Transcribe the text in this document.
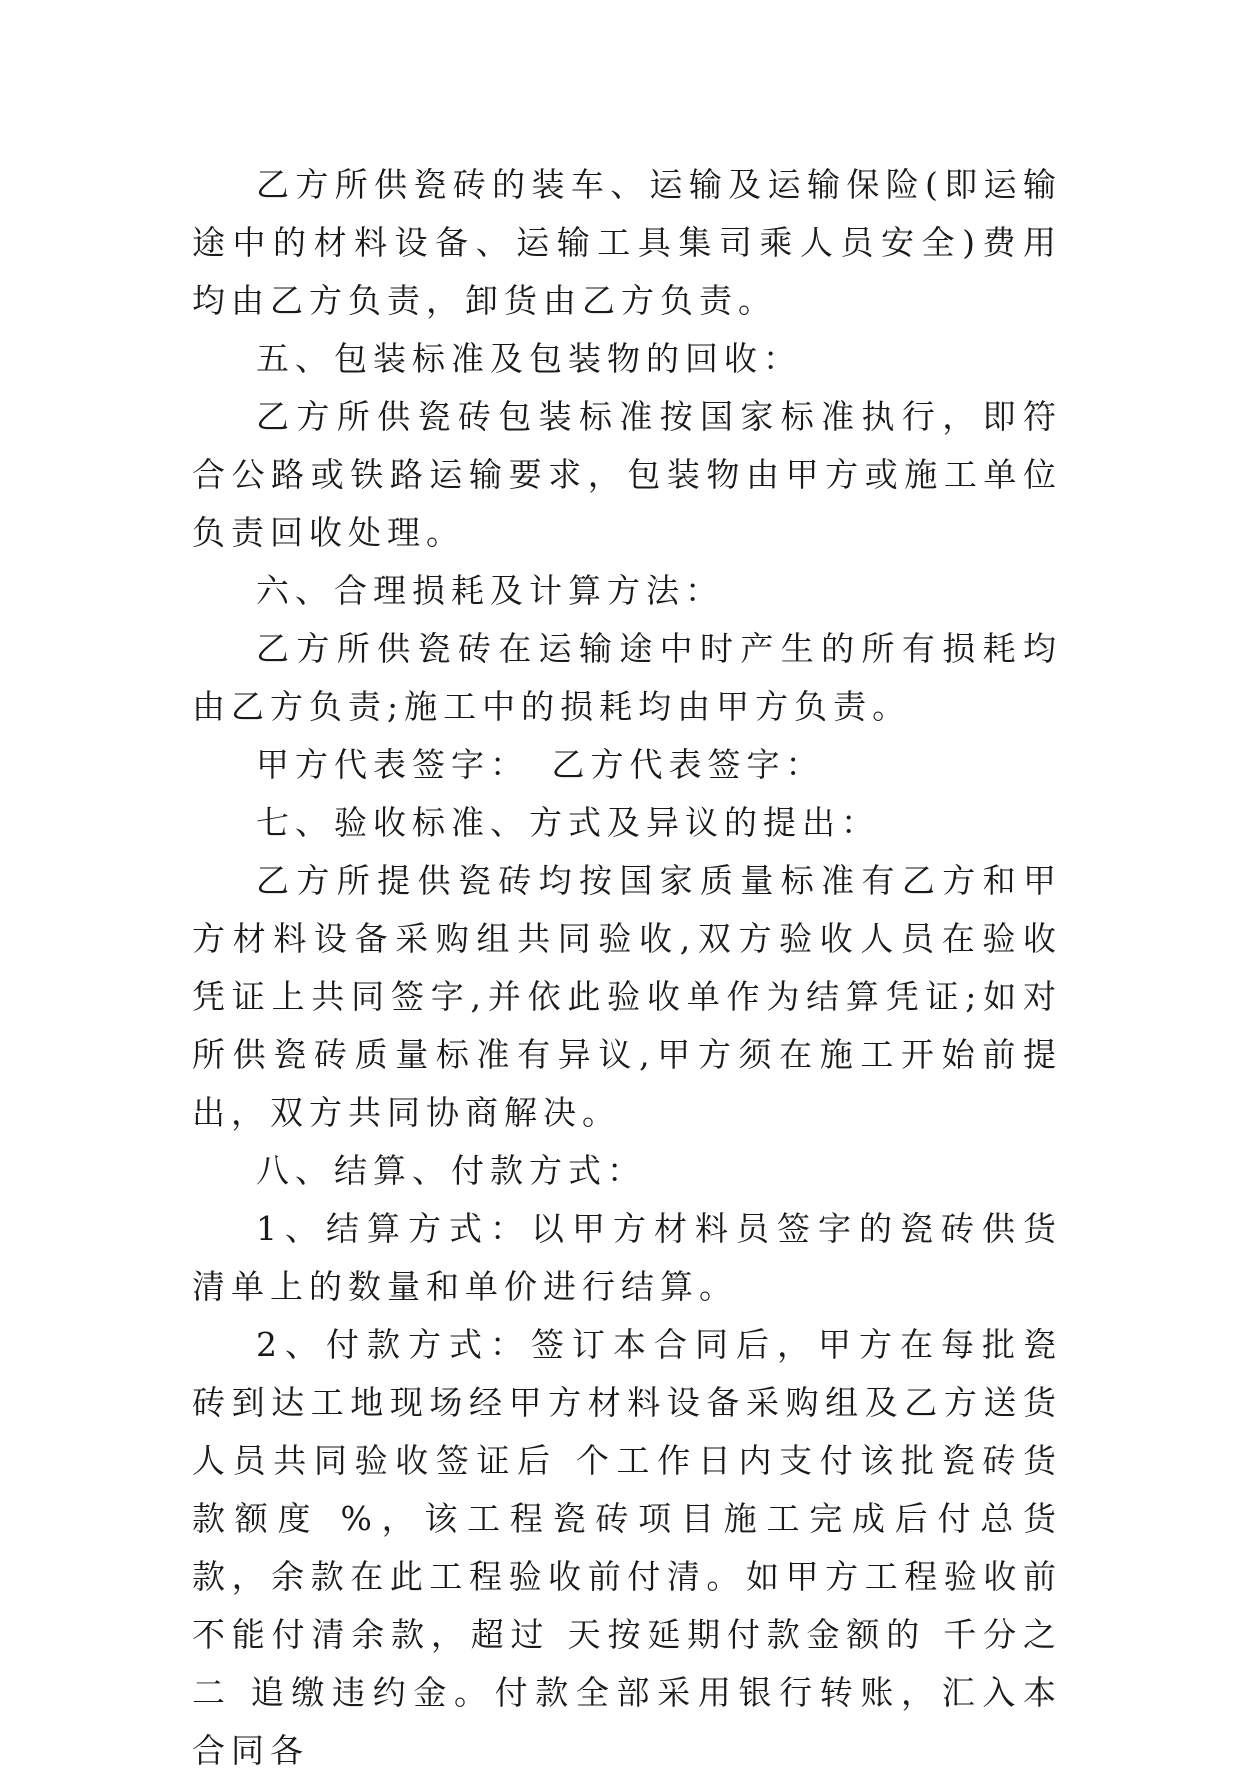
乙方所供瓷砖的装车、运输及运输保险(即运输途中的材料设备、运输工具集司乘人员安全)费用均由乙方负责，卸货由乙方负责。

五、包装标准及包装物的回收：

乙方所供瓷砖包装标准按国家标准执行，即符合公路或铁路运输要求，包装物由甲方或施工单位负责回收处理。

六、合理损耗及计算方法：

乙方所供瓷砖在运输途中时产生的所有损耗均由乙方负责;施工中的损耗均由甲方负责。

甲方代表签字：　乙方代表签字：

七、验收标准、方式及异议的提出：

乙方所提供瓷砖均按国家质量标准有乙方和甲方材料设备采购组共同验收,双方验收人员在验收凭证上共同签字,并依此验收单作为结算凭证;如对所供瓷砖质量标准有异议,甲方须在施工开始前提出，双方共同协商解决。

八、结算、付款方式：

1、结算方式：以甲方材料员签字的瓷砖供货清单上的数量和单价进行结算。

2、付款方式：签订本合同后，甲方在每批瓷砖到达工地现场经甲方材料设备采购组及乙方送货人员共同验收签证后 个工作日内支付该批瓷砖货款额度 %，该工程瓷砖项目施工完成后付总货款，余款在此工程验收前付清。如甲方工程验收前不能付清余款，超过 天按延期付款金额的 千分之二 追缴违约金。付款全部采用银行转账，汇入本合同各
